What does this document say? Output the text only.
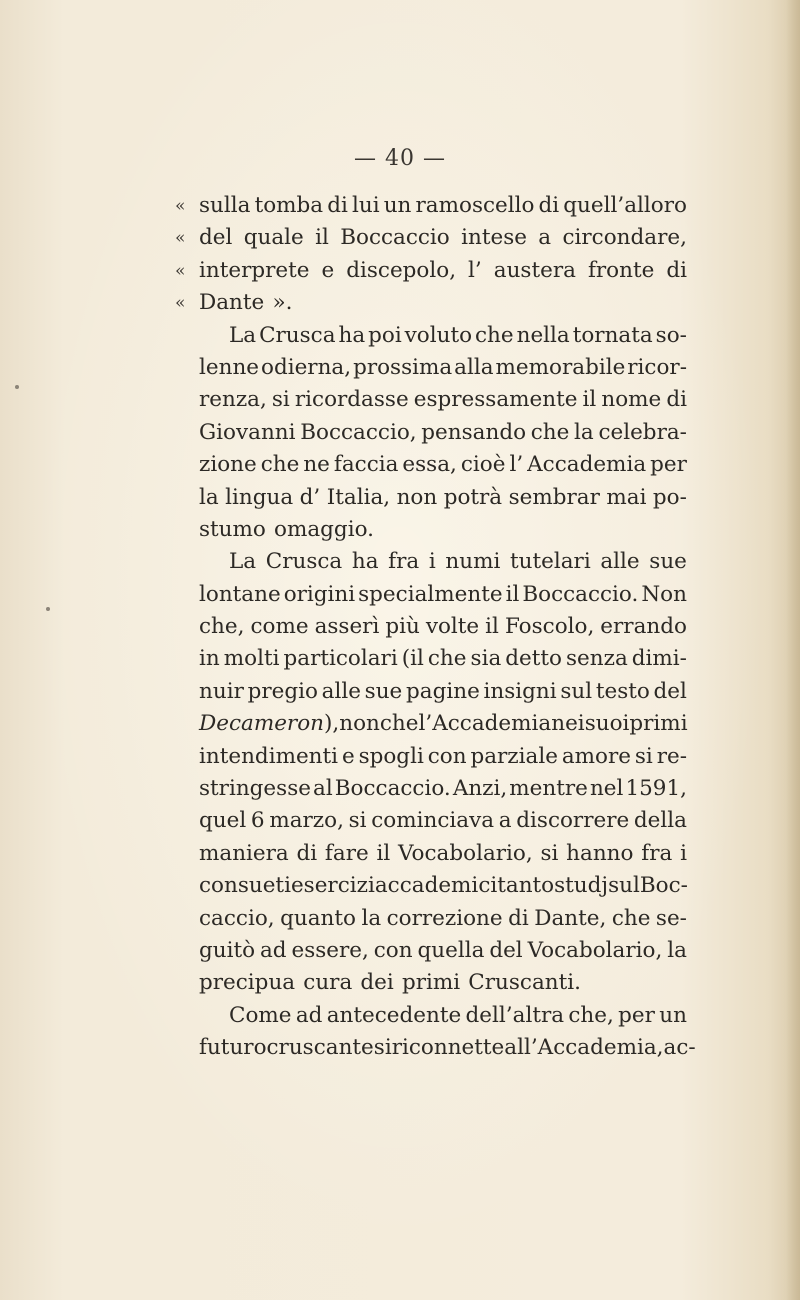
— 40 —
« sulla tomba di lui un ramoscello di quell’alloro
« del quale il Boccaccio intese a circondare,
« interprete e discepolo, l’ austera fronte di
« Dante ».
La Crusca ha poi voluto che nella tornata so-
lenne odierna, prossima alla memorabile ricor-
renza, si ricordasse espressamente il nome di
Giovanni Boccaccio, pensando che la celebra-
zione che ne faccia essa, cioè l’ Accademia per
la lingua d’ Italia, non potrà sembrar mai po-
stumo omaggio.
La Crusca ha fra i numi tutelari alle sue
lontane origini specialmente il Boccaccio. Non
che, come asserì più volte il Foscolo, errando
in molti particolari (il che sia detto senza dimi-
nuir pregio alle sue pagine insigni sul testo del
Decameron), non che l’Accademia nei suoi primi
intendimenti e spogli con parziale amore si re-
stringesse al Boccaccio. Anzi, mentre nel 1591,
quel 6 marzo, si cominciava a discorrere della
maniera di fare il Vocabolario, si hanno fra i
consueti esercizi accademici tanto studj sul Boc-
caccio, quanto la correzione di Dante, che se-
guitò ad essere, con quella del Vocabolario, la
precipua cura dei primi Cruscanti.
Come ad antecedente dell’altra che, per un
futuro cruscante si riconnette all’Accademia, ac-
